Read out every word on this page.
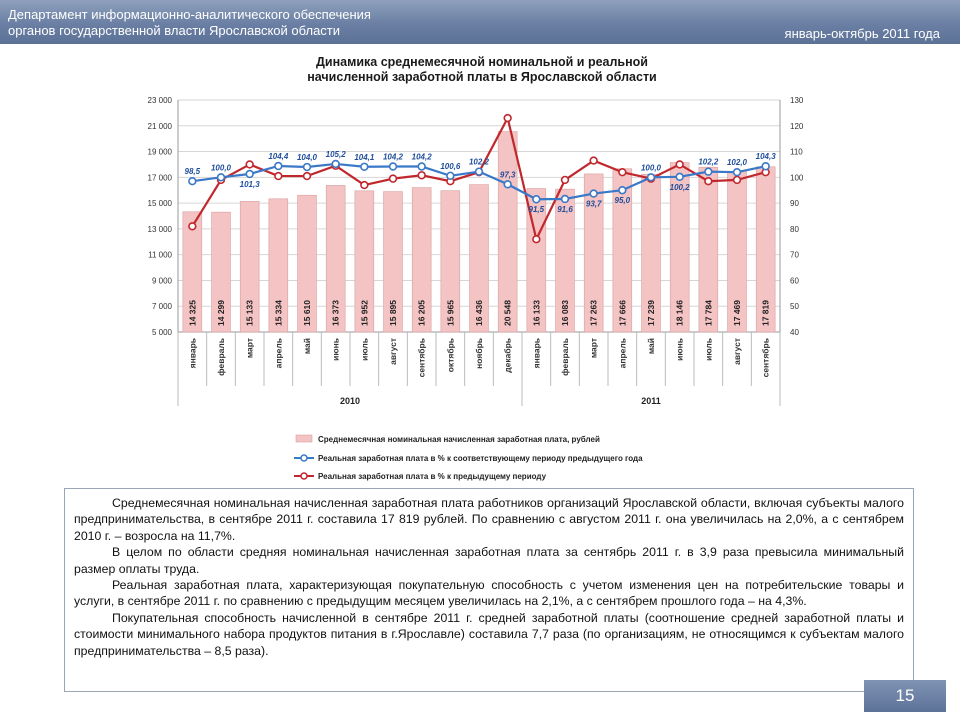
Департамент информационно-аналитического обеспечения
органов государственной власти Ярославской области	январь-октябрь 2011 года
Динамика среднемесячной номинальной и реальной
начисленной заработной платы в Ярославской области
5 000
7 000
9 000
11 000
13 000
15 000
17 000
19 000
21 000
23 000
40
50
60
70
80
90
100
110
120
130
14 325 14 299 15 133 15 334 15 610 16 373 15 952 15 895 16 205 15 965 16 436 20 548 16 133 16 083 17 263 17 666 17 239 18 146 17 784 17 469 17 819
январь февраль март апрель май июнь июль август сентябрь октябрь ноябрь декабрь январь февраль март апрель май июнь июль август сентябрь
2010	2011
98,5 100,0
101,3
104,4 104,0 105,2 104,1 104,2 104,2
100,6 102,2
97,3
91,5 91,6
93,7 95,0
100,0
100,2
102,2 102,0
104,3
Среднемесячная номинальная начисленная заработная плата, рублей
Реальная заработная плата в % к соответствующему периоду предыдущего года
Реальная заработная плата в % к предыдущему периоду

Среднемесячная номинальная начисленная заработная плата работников организаций Ярославской области, включая субъекты малого предпринимательства, в сентябре 2011 г. составила 17 819 рублей. По сравнению с августом 2011 г. она увеличилась на 2,0%, а с сентябрем 2010 г. – возросла на 11,7%.

В целом по области средняя номинальная начисленная заработная плата за сентябрь 2011 г. в 3,9 раза превысила минимальный размер оплаты труда.

Реальная заработная плата, характеризующая покупательную способность с учетом изменения цен на потребительские товары и услуги, в сентябре 2011 г. по сравнению с предыдущим месяцем увеличилась на 2,1%, а с сентябрем прошлого года – на 4,3%.

Покупательная способность начисленной в сентябре 2011 г. средней заработной платы (соотношение средней заработной платы и стоимости минимального набора продуктов питания в г.Ярославле) составила 7,7 раза (по организациям, не относящимся к субъектам малого предпринимательства – 8,5 раза).

15
